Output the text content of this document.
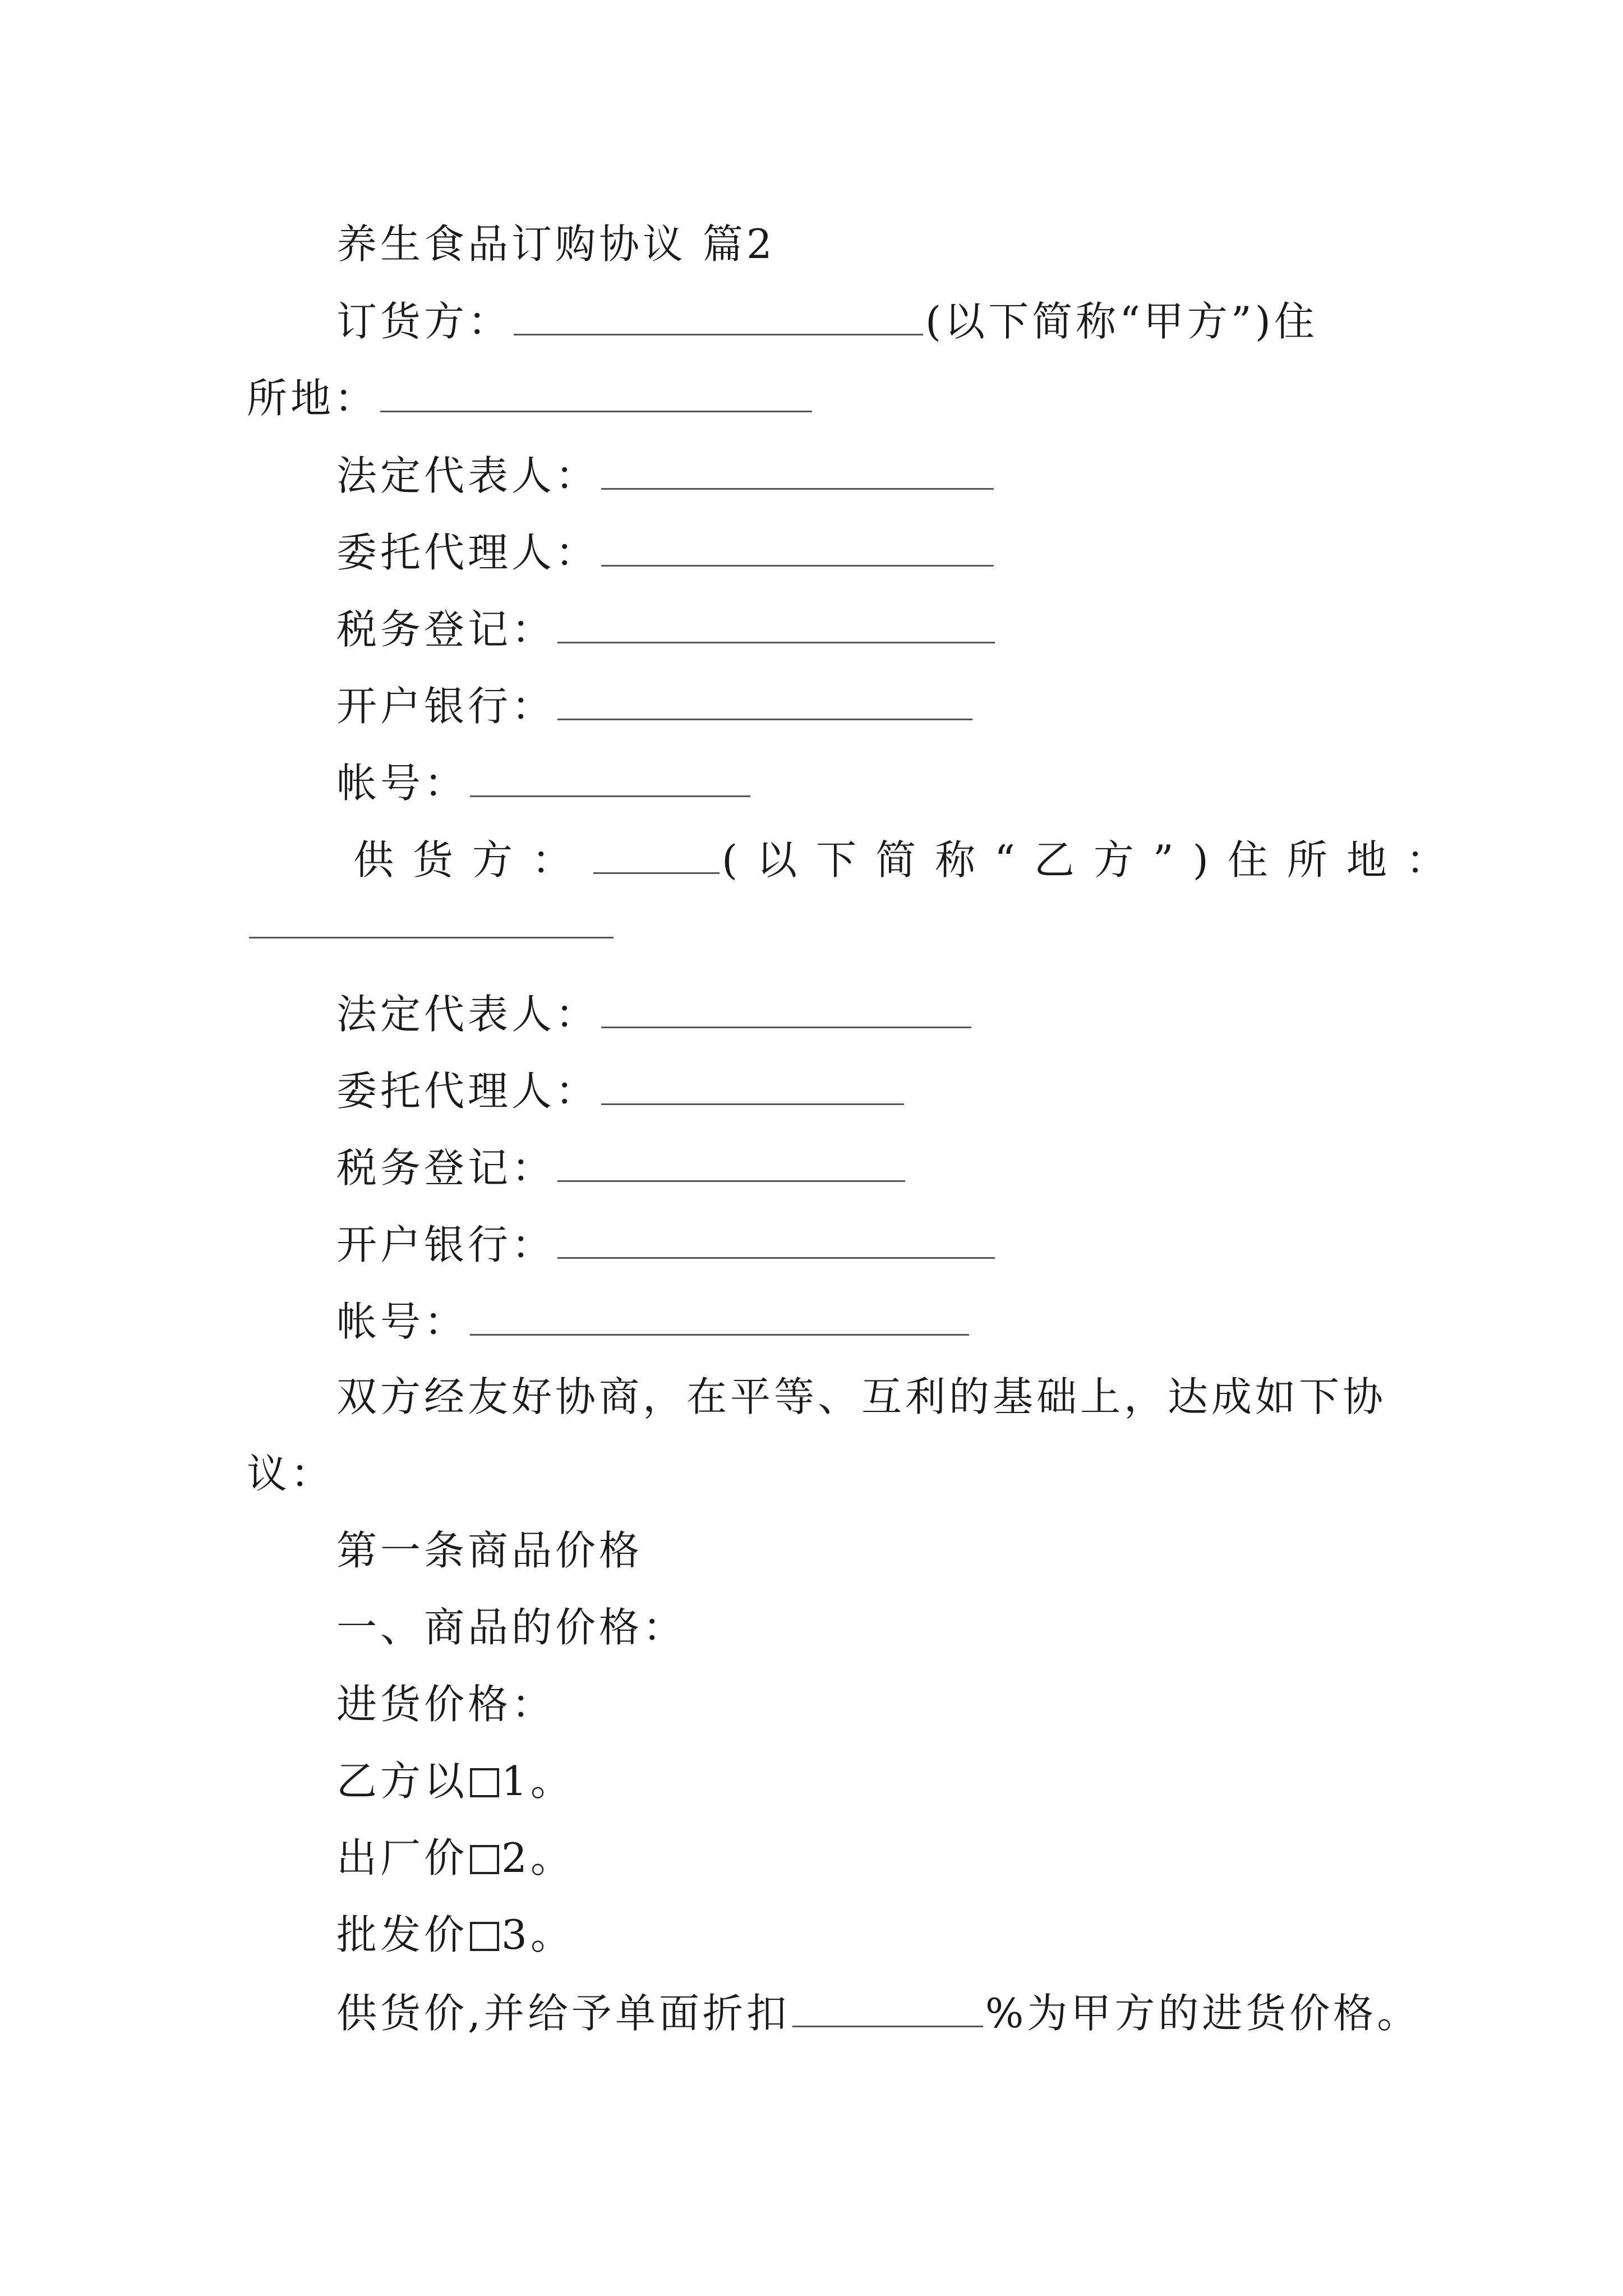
养生食品订购协议 篇2
订货方：	(以下简称“甲方”)住
所地：
法定代表人：
委托代理人：
税务登记：
开户银行：
帐号：
供货方：	(以下简称“乙方”)住所地：
法定代表人：
委托代理人：
税务登记：
开户银行：
帐号：
双方经友好协商，在平等、互利的基础上，达成如下协
议：
第一条商品价格
一、商品的价格：
进货价格：
乙方以 1。
出厂价 2。
批发价 3。
供货价,并给予单面折扣	%为甲方的进货价格。
